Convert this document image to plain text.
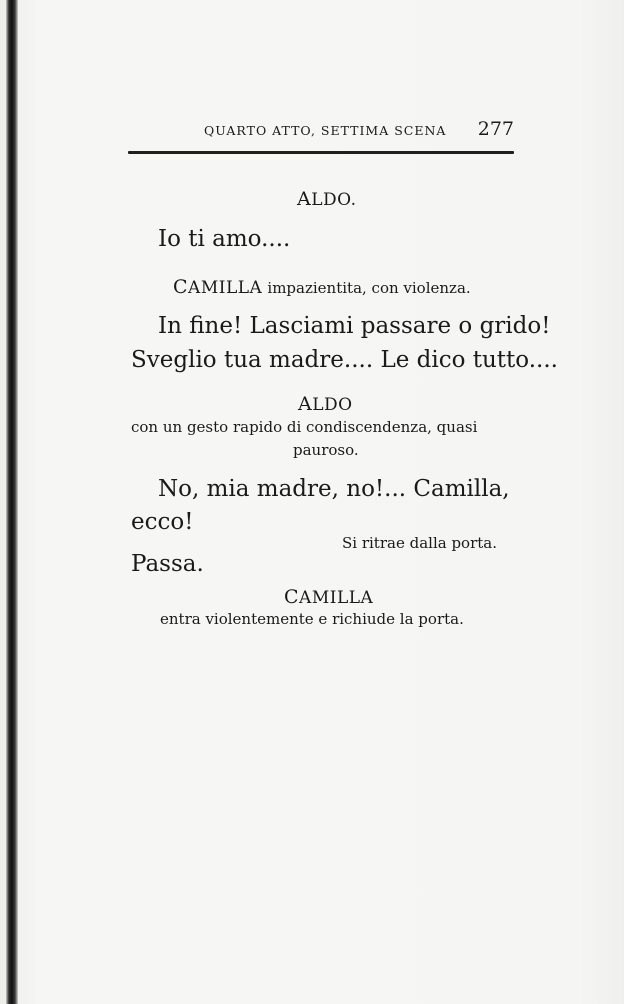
QUARTO ATTO, SETTIMA SCENA 277
ALDO.
Io ti amo....
CAMILLA impazientita, con violenza.
In fine! Lasciami passare o grido!
Sveglio tua madre.... Le dico tutto....
ALDO
con un gesto rapido di condiscendenza, quasi
pauroso.
No, mia madre, no!... Camilla,
ecco!
Si ritrae dalla porta.
Passa.
CAMILLA
entra violentemente e richiude la porta.
